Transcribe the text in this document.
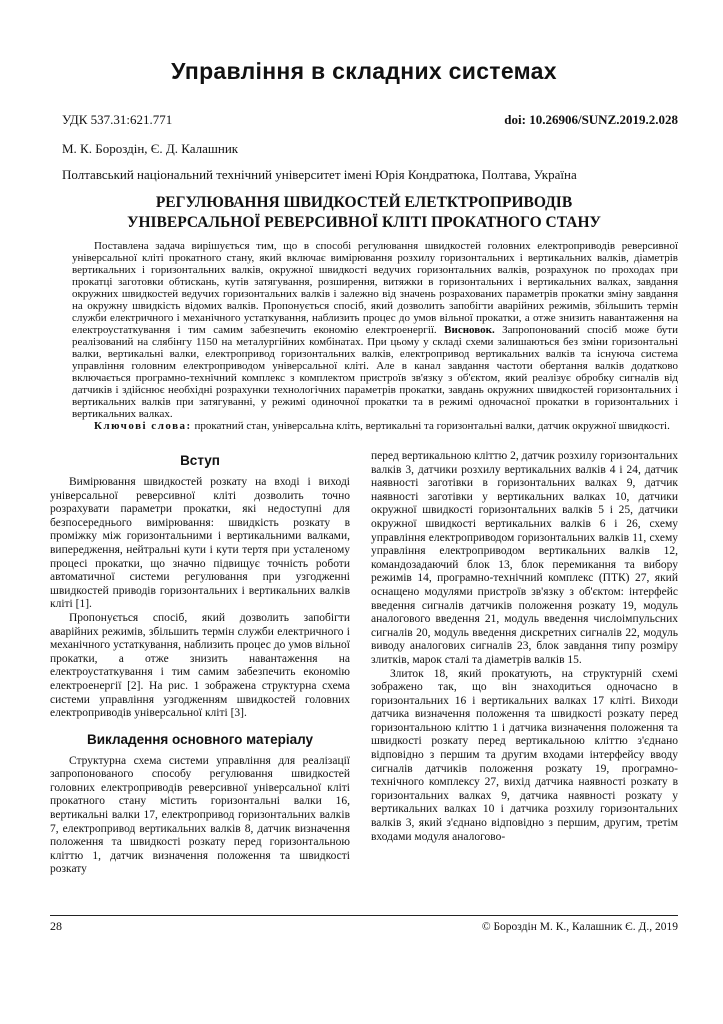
Управління в складних системах
УДК 537.31:621.771	doi: 10.26906/SUNZ.2019.2.028
М. К. Бороздін, Є. Д. Калашник
Полтавський національний технічний університет імені Юрія Кондратюка, Полтава, Україна
РЕГУЛЮВАННЯ ШВИДКОСТЕЙ ЕЛЕТКТРОПРИВОДІВ
УНІВЕРСАЛЬНОЇ РЕВЕРСИВНОЇ КЛІТІ ПРОКАТНОГО СТАНУ

Поставлена задача вирішується тим, що в способі регулювання швидкостей головних електроприводів реверсивної універсальної кліті прокатного стану, який включає вимірювання розхилу горизонтальних і вертикальних валків, діаметрів вертикальних і горизонтальних валків, окружної швидкості ведучих горизонтальних валків, розрахунок по проходах при прокатці заготовки обтискань, кутів затягування, розширення, витяжки в горизонтальних і вертикальних валках, завдання окружних швидкостей ведучих горизонтальних валків і залежно від значень розрахованих параметрів прокатки зміну завдання на окружну швидкість відомих валків. Пропонується спосіб, який дозволить запобігти аварійних режимів, збільшить термін служби електричного і механічного устаткування, наблизить процес до умов вільної прокатки, а отже знизить навантаження на електроустаткування і тим самим забезпечить економію електроенергії. Висновок. Запропонований спосіб може бути реалізований на слябінгу 1150 на металургійних комбінатах. При цьому у складі схеми залишаються без зміни горизонтальні валки, вертикальні валки, електропривод горизонтальних валків, електропривод вертикальних валків та існуюча система управління головним електроприводом універсальної кліті. Але в канал завдання частоти обертання валків додатково включається програмно-технічний комплекс з комплектом пристроїв зв'язку з об'єктом, який реалізує обробку сигналів від датчиків і здійснює необхідні розрахунки технологічних параметрів прокатки, завдань окружних швидкостей горизонтальних і вертикальних валків при затягуванні, у режимі одиночної прокатки та в режимі одночасної прокатки в горизонтальних і вертикальних валках.

Ключові слова: прокатний стан, універсальна кліть, вертикальні та горизонтальні валки, датчик окружної швидкості.

Вступ

Вимірювання швидкостей розкату на вході і виході універсальної реверсивної кліті дозволить точно розрахувати параметри прокатки, які недоступні для безпосереднього вимірювання: швидкість розкату в проміжку між горизонтальними і вертикальними валками, випередження, нейтральні кути і кути тертя при усталеному процесі прокатки, що значно підвищує точність роботи автоматичної системи регулювання при узгодженні швидкостей приводів горизонтальних і вертикальних валків кліті [1].

Пропонується спосіб, який дозволить запобігти аварійних режимів, збільшить термін служби електричного і механічного устаткування, наблизить процес до умов вільної прокатки, а отже знизить навантаження на електроустаткування і тим самим забезпечить економію електроенергії [2]. На рис. 1 зображена структурна схема системи управління узгодженням швидкостей головних електроприводів універсальної кліті [3].

Викладення основного матеріалу

Структурна схема системи управління для реалізації запропонованого способу регулювання швидкостей головних електроприводів реверсивної універсальної кліті прокатного стану містить горизонтальні валки 16, вертикальні валки 17, електропривод горизонтальних валків 7, електропривод вертикальних валків 8, датчик визначення положення та швидкості розкату перед горизонтальною кліттю 1, датчик визначення положення та швидкості розкату

перед вертикальною кліттю 2, датчик розхилу горизонтальних валків 3, датчики розхилу вертикальних валків 4 і 24, датчик наявності заготівки в горизонтальних валках 9, датчик наявності заготівки у вертикальних валках 10, датчики окружної швидкості горизонтальних валків 5 і 25, датчики окружної швидкості вертикальних валків 6 і 26, схему управління електроприводом горизонтальних валків 11, схему управління електроприводом вертикальних валків 12, командозадаючий блок 13, блок перемикання та вибору режимів 14, програмно-технічний комплекс (ПТК) 27, який оснащено модулями пристроїв зв'язку з об'єктом: інтерфейс введення сигналів датчиків положення розкату 19, модуль аналогового введення 21, модуль введення числоімпульсних сигналів 20, модуль введення дискретних сигналів 22, модуль виводу аналогових сигналів 23, блок завдання типу розміру злитків, марок сталі та діаметрів валків 15.

Злиток 18, який прокатують, на структурній схемі зображено так, що він знаходиться одночасно в горизонтальних 16 і вертикальних валках 17 кліті. Виходи датчика визначення положення та швидкості розкату перед горизонтальною кліттю 1 і датчика визначення положення та швидкості розкату перед вертикальною кліттю з'єднано відповідно з першим та другим входами інтерфейсу вводу сигналів датчиків положення розкату 19, програмно-технічного комплексу 27, вихід датчика наявності розкату в горизонтальних валках 9, датчика наявності розкату у вертикальних валках 10 і датчика розхилу горизонтальних валків 3, який з'єднано відповідно з першим, другим, третім входами модуля аналогово-

28	© Бороздін М. К., Калашник Є. Д., 2019
